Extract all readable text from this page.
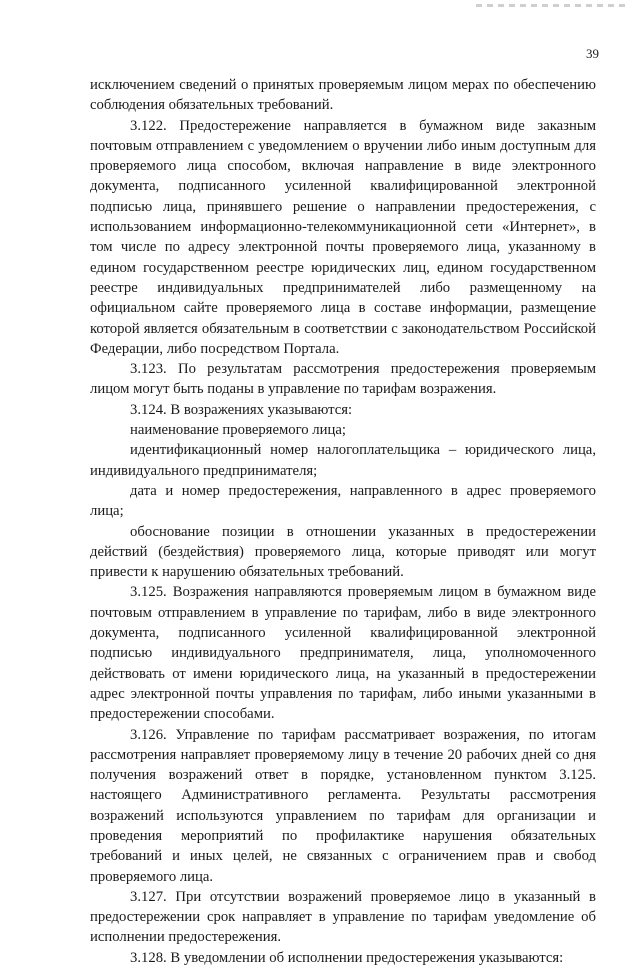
39

исключением сведений о принятых проверяемым лицом мерах по обеспечению соблюдения обязательных требований.

3.122. Предостережение направляется в бумажном виде заказным почтовым отправлением с уведомлением о вручении либо иным доступным для проверяемого лица способом, включая направление в виде электронного документа, подписанного усиленной квалифицированной электронной подписью лица, принявшего решение о направлении предостережения, с использованием информационно-телекоммуникационной сети «Интернет», в том числе по адресу электронной почты проверяемого лица, указанному в едином государственном реестре юридических лиц, едином государственном реестре индивидуальных предпринимателей либо размещенному на официальном сайте проверяемого лица в составе информации, размещение которой является обязательным в соответствии с законодательством Российской Федерации, либо посредством Портала.

3.123. По результатам рассмотрения предостережения проверяемым лицом могут быть поданы в управление по тарифам возражения.

3.124. В возражениях указываются:

наименование проверяемого лица;

идентификационный номер налогоплательщика – юридического лица, индивидуального предпринимателя;

дата и номер предостережения, направленного в адрес проверяемого лица;

обоснование позиции в отношении указанных в предостережении действий (бездействия) проверяемого лица, которые приводят или могут привести к нарушению обязательных требований.

3.125. Возражения направляются проверяемым лицом в бумажном виде почтовым отправлением в управление по тарифам, либо в виде электронного документа, подписанного усиленной квалифицированной электронной подписью индивидуального предпринимателя, лица, уполномоченного действовать от имени юридического лица, на указанный в предостережении адрес электронной почты управления по тарифам, либо иными указанными в предостережении способами.

3.126. Управление по тарифам рассматривает возражения, по итогам рассмотрения направляет проверяемому лицу в течение 20 рабочих дней со дня получения возражений ответ в порядке, установленном пунктом 3.125. настоящего Административного регламента. Результаты рассмотрения возражений используются управлением по тарифам для организации и проведения мероприятий по профилактике нарушения обязательных требований и иных целей, не связанных с ограничением прав и свобод проверяемого лица.

3.127. При отсутствии возражений проверяемое лицо в указанный в предостережении срок направляет в управление по тарифам уведомление об исполнении предостережения.

3.128. В уведомлении об исполнении предостережения указываются:
